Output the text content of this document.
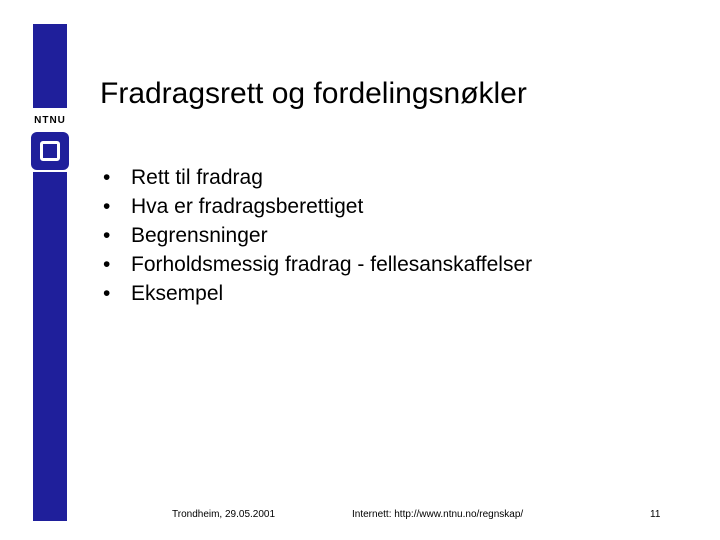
NTNU
Fradragsrett og fordelingsnøkler
• Rett til fradrag
• Hva er fradragsberettiget
• Begrensninger
• Forholdsmessig fradrag - fellesanskaffelser
• Eksempel
Trondheim, 29.05.2001	Internett: http://www.ntnu.no/regnskap/	11
